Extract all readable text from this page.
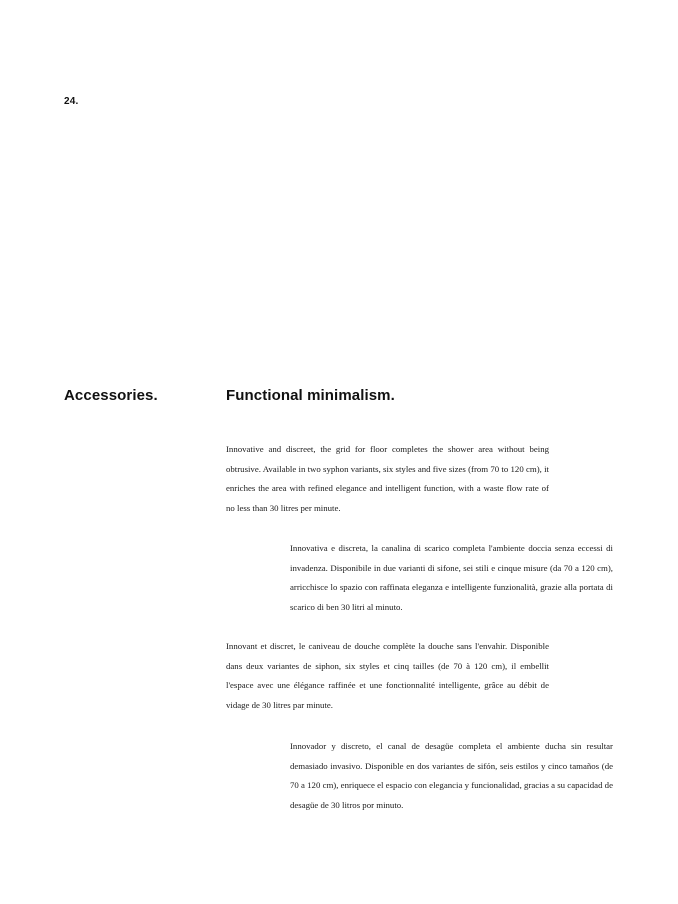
24.
Accessories.	Functional minimalism.

Innovative and discreet, the grid for floor completes the shower area without being obtrusive. Available in two syphon variants, six styles and five sizes (from 70 to 120 cm), it enriches the area with refined elegance and intelligent function, with a waste flow rate of no less than 30 litres per minute.

Innovativa e discreta, la canalina di scarico completa l'ambiente doccia senza eccessi di invadenza. Disponibile in due varianti di sifone, sei stili e cinque misure (da 70 a 120 cm), arricchisce lo spazio con raffinata eleganza e intelligente funzionalità, grazie alla portata di scarico di ben 30 litri al minuto.

Innovant et discret, le caniveau de douche complète la douche sans l'envahir. Disponible dans deux variantes de siphon, six styles et cinq tailles (de 70 à 120 cm), il embellit l'espace avec une élégance raffinée et une fonctionnalité intelligente, grâce au débit de vidage de 30 litres par minute.

Innovador y discreto, el canal de desagüe completa el ambiente ducha sin resultar demasiado invasivo. Disponible en dos variantes de sifón, seis estilos y cinco tamaños (de 70 a 120 cm), enriquece el espacio con elegancia y funcionalidad, gracias a su capacidad de desagüe de 30 litros por minuto.
